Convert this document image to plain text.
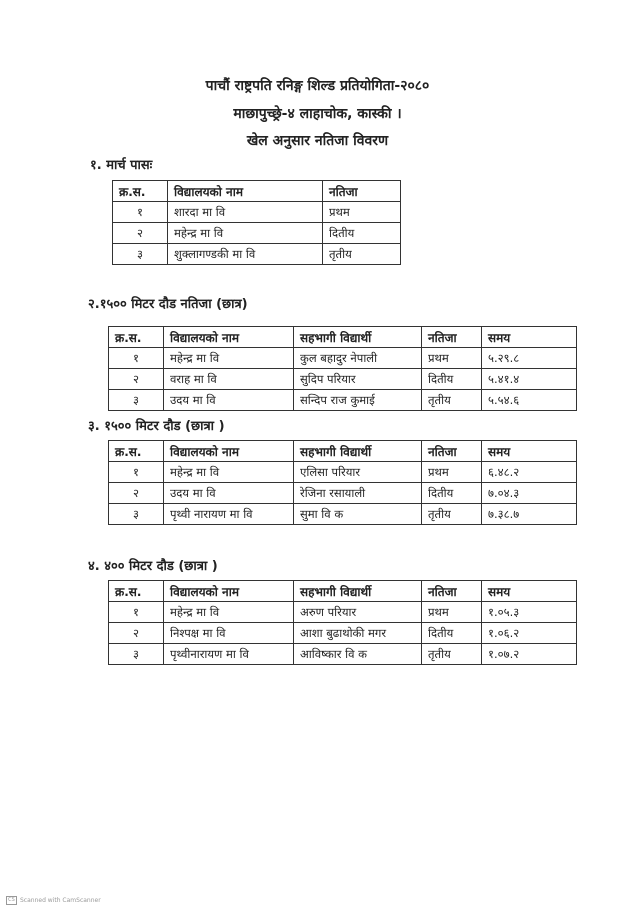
पाचौं राष्ट्रपति रनिङ्ग शिल्ड प्रतियोगिता-२०८०
माछापुच्छ्रे-४ लाहाचोक, कास्की ।
खेल अनुसार नतिजा विवरण
१. मार्च पासः
क्र.स.	विद्यालयको नाम	नतिजा
१	शारदा मा वि	प्रथम
२	महेन्द्र मा वि	दितीय
३	शुक्लागण्डकी मा वि	तृतीय
२.१५०० मिटर दौड नतिजा (छात्र)
क्र.स.	विद्यालयको नाम	सहभागी विद्यार्थी	नतिजा	समय
१	महेन्द्र मा वि	कुल बहादुर नेपाली	प्रथम	५.२९.८
२	वराह मा वि	सुदिप परियार	दितीय	५.४१.४
३	उदय मा वि	सन्दिप राज कुमाई	तृतीय	५.५४.६
३. १५०० मिटर दौड (छात्रा )
क्र.स.	विद्यालयको नाम	सहभागी विद्यार्थी	नतिजा	समय
१	महेन्द्र मा वि	एलिसा परियार	प्रथम	६.४८.२
२	उदय मा वि	रेजिना रसायाली	दितीय	७.०४.३
३	पृथ्वी नारायण मा वि	सुमा वि क	तृतीय	७.३८.७
४. ४०० मिटर दौड (छात्रा )
क्र.स.	विद्यालयको नाम	सहभागी विद्यार्थी	नतिजा	समय
१	महेन्द्र मा वि	अरुण परियार	प्रथम	१.०५.३
२	निश्पक्ष मा वि	आशा बुढाथोकी मगर	दितीय	१.०६.२
३	पृथ्वीनारायण मा वि	आविष्कार वि क	तृतीय	१.०७.२
CS Scanned with CamScanner
